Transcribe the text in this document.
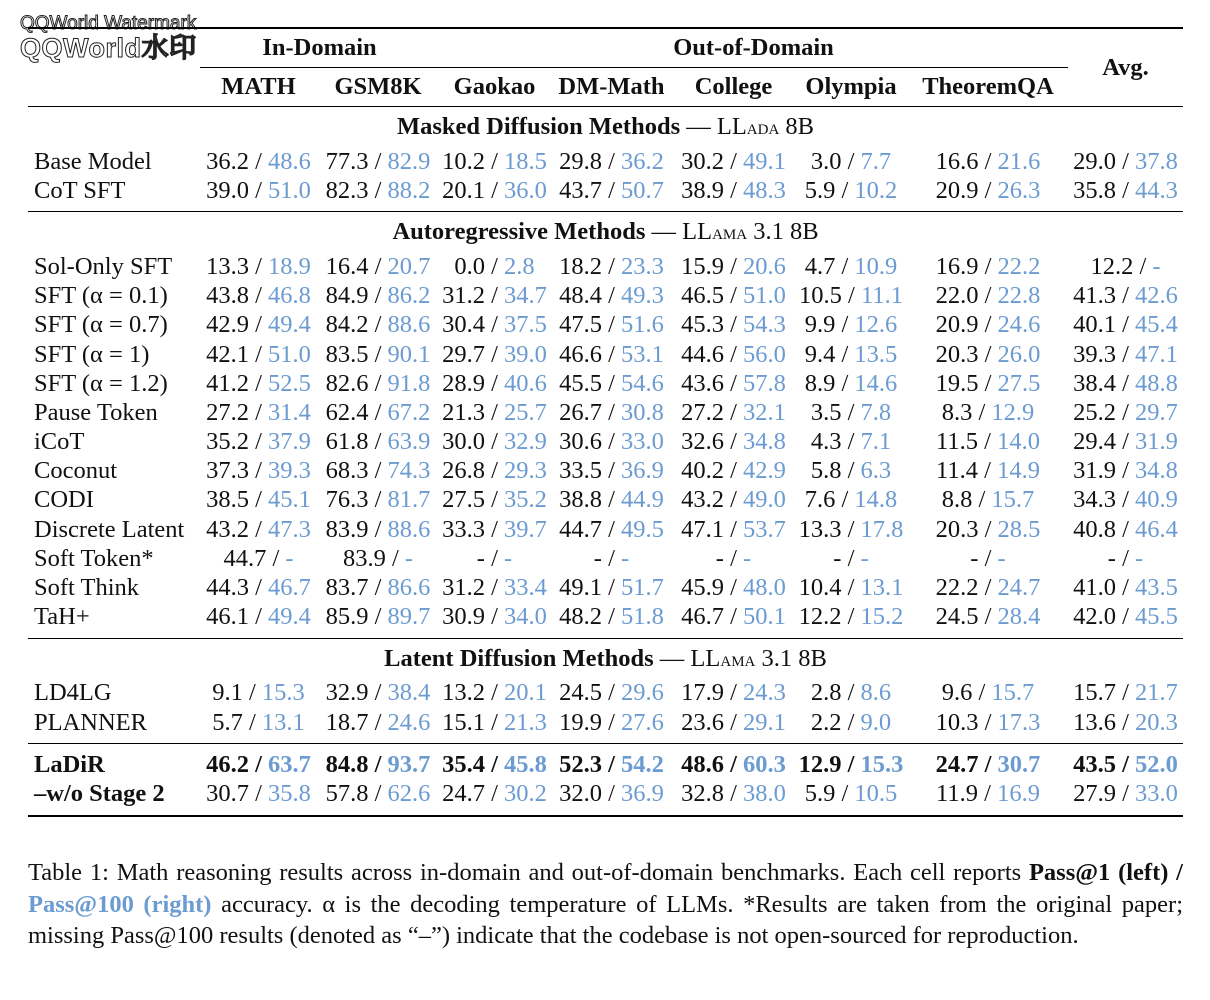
QQWorld Watermark
QQWorld水印

		In-Domain		Out-of-Domain					Avg.
	MATH	GSM8K	Gaokao	DM-Math	College	Olympia	TheoremQA	

Masked Diffusion Methods — LLada 8B								
Base Model	36.2 / 48.6	77.3 / 82.9	10.2 / 18.5	29.8 / 36.2	30.2 / 49.1	3.0 / 7.7	16.6 / 21.6	29.0 / 37.8
CoT SFT	39.0 / 51.0	82.3 / 88.2	20.1 / 36.0	43.7 / 50.7	38.9 / 48.3	5.9 / 10.2	20.9 / 26.3	35.8 / 44.3

Autoregressive Methods — LLama 3.1 8B								
Sol-Only SFT	13.3 / 18.9	16.4 / 20.7	0.0 / 2.8	18.2 / 23.3	15.9 / 20.6	4.7 / 10.9	16.9 / 22.2	12.2 / -
SFT (α = 0.1)	43.8 / 46.8	84.9 / 86.2	31.2 / 34.7	48.4 / 49.3	46.5 / 51.0	10.5 / 11.1	22.0 / 22.8	41.3 / 42.6
SFT (α = 0.7)	42.9 / 49.4	84.2 / 88.6	30.4 / 37.5	47.5 / 51.6	45.3 / 54.3	9.9 / 12.6	20.9 / 24.6	40.1 / 45.4
SFT (α = 1)	42.1 / 51.0	83.5 / 90.1	29.7 / 39.0	46.6 / 53.1	44.6 / 56.0	9.4 / 13.5	20.3 / 26.0	39.3 / 47.1
SFT (α = 1.2)	41.2 / 52.5	82.6 / 91.8	28.9 / 40.6	45.5 / 54.6	43.6 / 57.8	8.9 / 14.6	19.5 / 27.5	38.4 / 48.8
Pause Token	27.2 / 31.4	62.4 / 67.2	21.3 / 25.7	26.7 / 30.8	27.2 / 32.1	3.5 / 7.8	8.3 / 12.9	25.2 / 29.7
iCoT	35.2 / 37.9	61.8 / 63.9	30.0 / 32.9	30.6 / 33.0	32.6 / 34.8	4.3 / 7.1	11.5 / 14.0	29.4 / 31.9
Coconut	37.3 / 39.3	68.3 / 74.3	26.8 / 29.3	33.5 / 36.9	40.2 / 42.9	5.8 / 6.3	11.4 / 14.9	31.9 / 34.8
CODI	38.5 / 45.1	76.3 / 81.7	27.5 / 35.2	38.8 / 44.9	43.2 / 49.0	7.6 / 14.8	8.8 / 15.7	34.3 / 40.9
Discrete Latent	43.2 / 47.3	83.9 / 88.6	33.3 / 39.7	44.7 / 49.5	47.1 / 53.7	13.3 / 17.8	20.3 / 28.5	40.8 / 46.4
Soft Token*	44.7 / -	83.9 / -	- / -	- / -	- / -	- / -	- / -	- / -
Soft Think	44.3 / 46.7	83.7 / 86.6	31.2 / 33.4	49.1 / 51.7	45.9 / 48.0	10.4 / 13.1	22.2 / 24.7	41.0 / 43.5
TaH+	46.1 / 49.4	85.9 / 89.7	30.9 / 34.0	48.2 / 51.8	46.7 / 50.1	12.2 / 15.2	24.5 / 28.4	42.0 / 45.5

Latent Diffusion Methods — LLama 3.1 8B								
LD4LG	9.1 / 15.3	32.9 / 38.4	13.2 / 20.1	24.5 / 29.6	17.9 / 24.3	2.8 / 8.6	9.6 / 15.7	15.7 / 21.7
PLANNER	5.7 / 13.1	18.7 / 24.6	15.1 / 21.3	19.9 / 27.6	23.6 / 29.1	2.2 / 9.0	10.3 / 17.3	13.6 / 20.3

LaDiR	46.2 / 63.7	84.8 / 93.7	35.4 / 45.8	52.3 / 54.2	48.6 / 60.3	12.9 / 15.3	24.7 / 30.7	43.5 / 52.0
–w/o Stage 2	30.7 / 35.8	57.8 / 62.6	24.7 / 30.2	32.0 / 36.9	32.8 / 38.0	5.9 / 10.5	11.9 / 16.9	27.9 / 33.0

Table 1: Math reasoning results across in-domain and out-of-domain benchmarks. Each cell reports Pass@1 (left) / Pass@100 (right) accuracy. α is the decoding temperature of LLMs. *Results are taken from the original paper; missing Pass@100 results (denoted as “–”) indicate that the codebase is not open-sourced for reproduction.
